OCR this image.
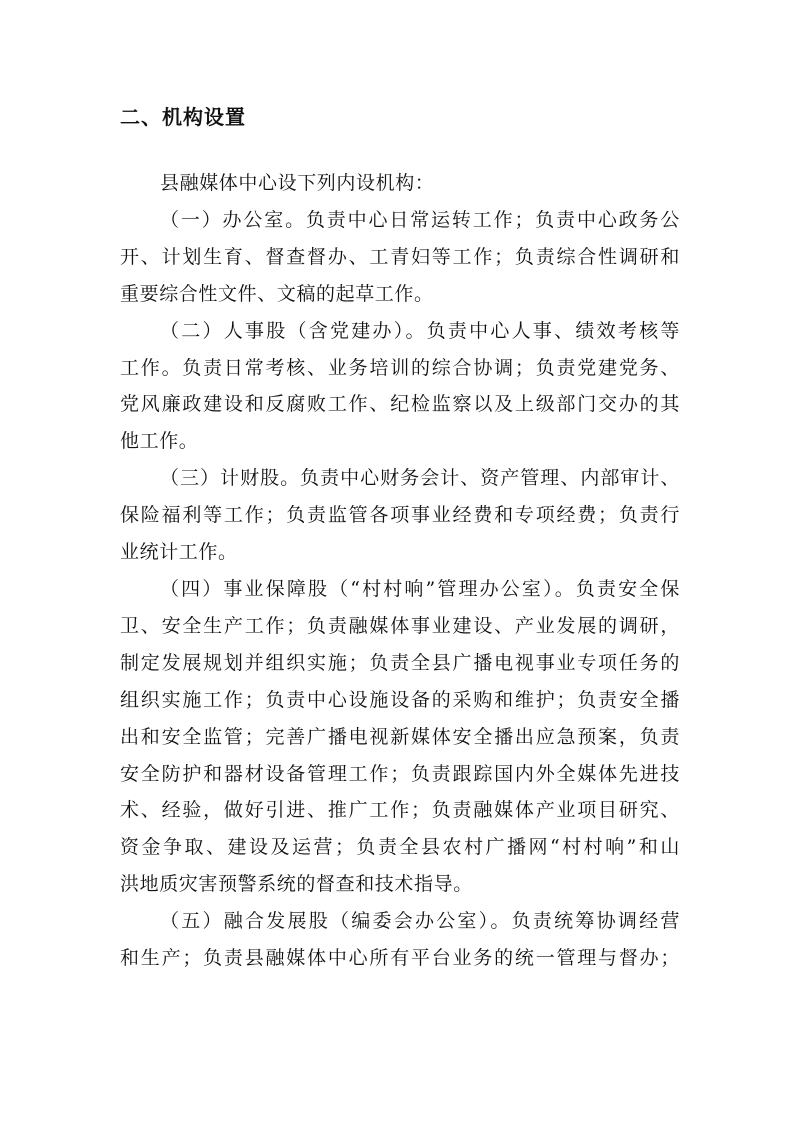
二、机构设置

县融媒体中心设下列内设机构：

（一）办公室。负责中心日常运转工作；负责中心政务公
开、计划生育、督查督办、工青妇等工作；负责综合性调研和
重要综合性文件、文稿的起草工作。

（二）人事股（含党建办）。负责中心人事、绩效考核等
工作。负责日常考核、业务培训的综合协调；负责党建党务、
党风廉政建设和反腐败工作、纪检监察以及上级部门交办的其
他工作。

（三）计财股。负责中心财务会计、资产管理、内部审计、
保险福利等工作；负责监管各项事业经费和专项经费；负责行
业统计工作。

（四）事业保障股（“村村响”管理办公室）。负责安全保
卫、安全生产工作；负责融媒体事业建设、产业发展的调研，
制定发展规划并组织实施；负责全县广播电视事业专项任务的
组织实施工作；负责中心设施设备的采购和维护；负责安全播
出和安全监管；完善广播电视新媒体安全播出应急预案，负责
安全防护和器材设备管理工作；负责跟踪国内外全媒体先进技
术、经验，做好引进、推广工作；负责融媒体产业项目研究、
资金争取、建设及运营；负责全县农村广播网“村村响”和山
洪地质灾害预警系统的督查和技术指导。

（五）融合发展股（编委会办公室）。负责统筹协调经营
和生产；负责县融媒体中心所有平台业务的统一管理与督办；
